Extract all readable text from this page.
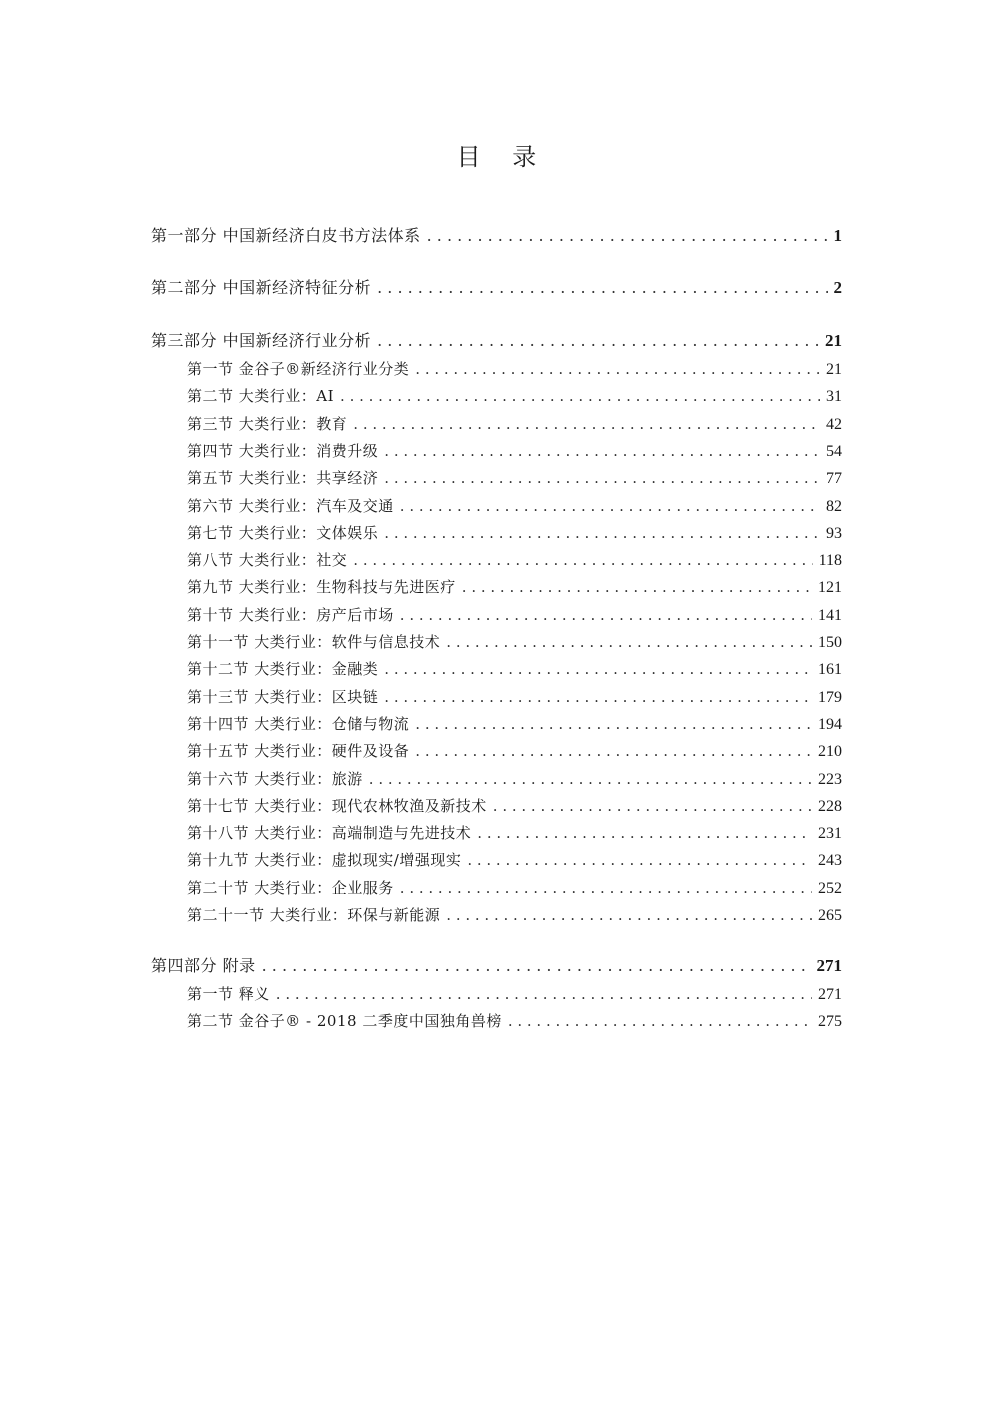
目 录
第一部分 中国新经济白皮书方法体系 . . .	1
第二部分 中国新经济特征分析 . . .	2
第三部分 中国新经济行业分析 . . .	21
第一节 金谷子®新经济行业分类 . . .	21
第二节 大类行业：AI . . .	31
第三节 大类行业：教育 . . .	42
第四节 大类行业：消费升级 . . .	54
第五节 大类行业：共享经济 . . .	77
第六节 大类行业：汽车及交通 . . .	82
第七节 大类行业：文体娱乐 . . .	93
第八节 大类行业：社交 . . .	118
第九节 大类行业：生物科技与先进医疗 . . .	121
第十节 大类行业：房产后市场 . . .	141
第十一节 大类行业：软件与信息技术 . . .	150
第十二节 大类行业：金融类 . . .	161
第十三节 大类行业：区块链 . . .	179
第十四节 大类行业：仓储与物流 . . .	194
第十五节 大类行业：硬件及设备 . . .	210
第十六节 大类行业：旅游 . . .	223
第十七节 大类行业：现代农林牧渔及新技术 . . .	228
第十八节 大类行业：高端制造与先进技术 . . .	231
第十九节 大类行业：虚拟现实/增强现实 . . .	243
第二十节 大类行业：企业服务 . . .	252
第二十一节 大类行业：环保与新能源 . . .	265
第四部分 附录 . . .	271
第一节 释义 . . .	271
第二节 金谷子® - 2018 二季度中国独角兽榜 . . .	275
